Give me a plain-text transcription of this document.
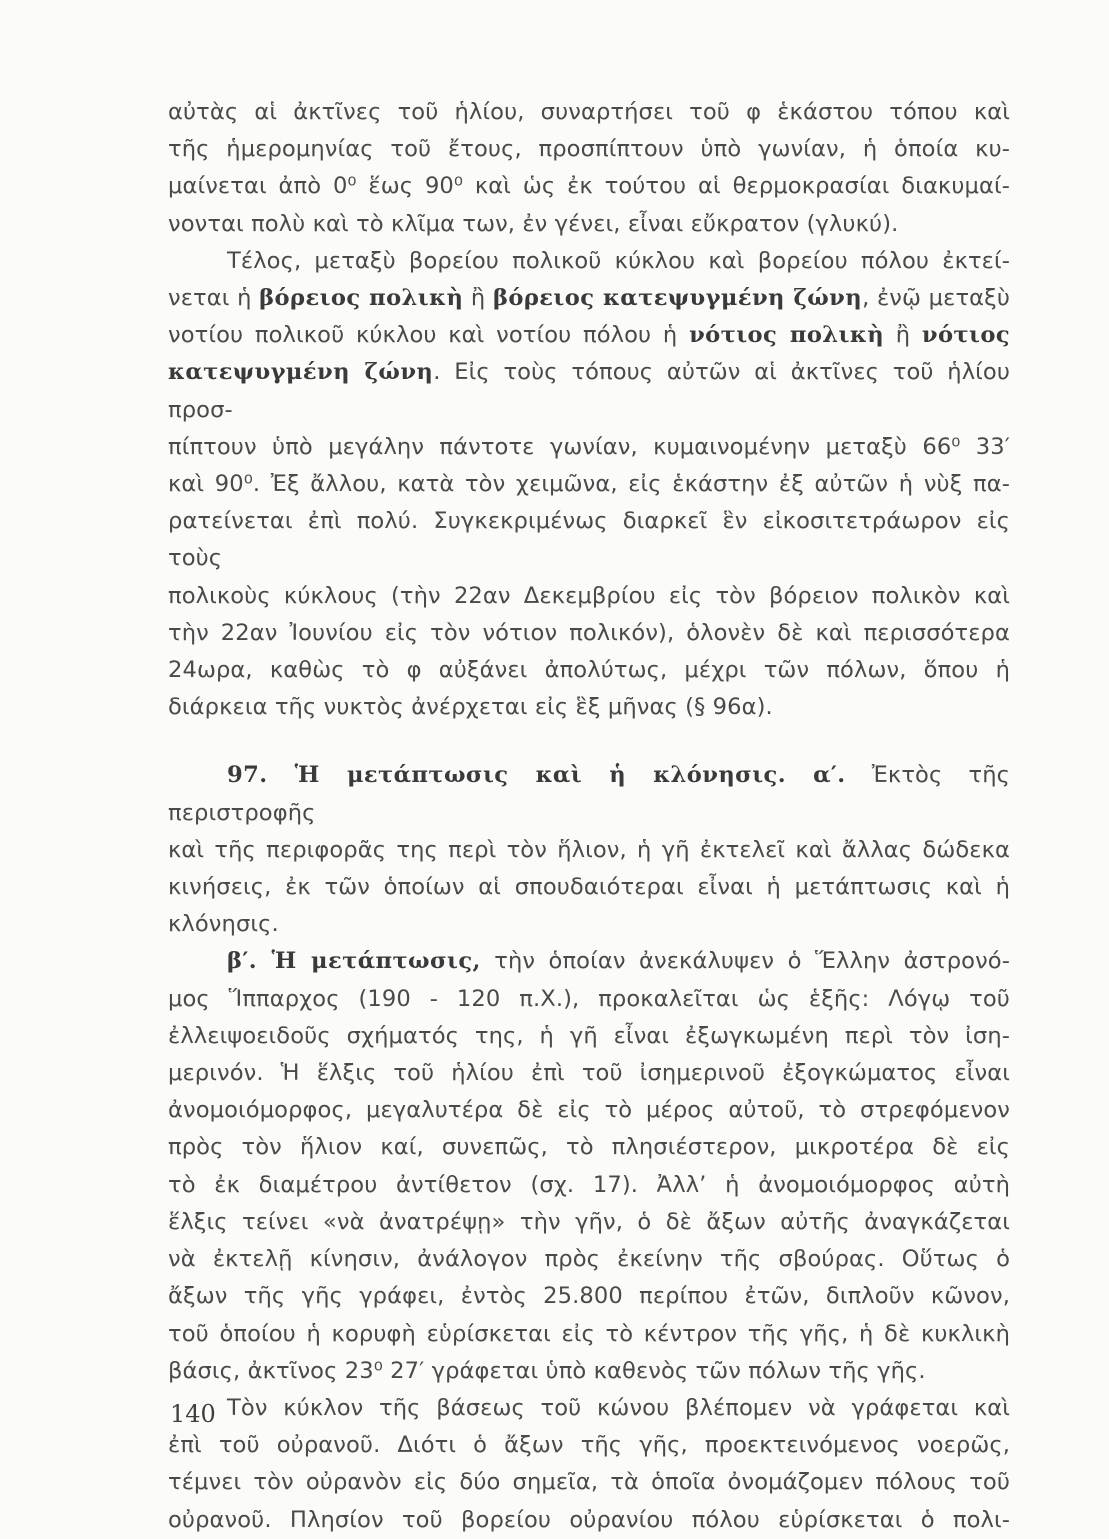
αὐτὰς αἱ ἀκτῖνες τοῦ ἡλίου, συναρτήσει τοῦ φ ἑκάστου τόπου καὶ

τῆς ἡμερομηνίας τοῦ ἔτους, προσπίπτουν ὑπὸ γωνίαν, ἡ ὁποία κυ-

μαίνεται ἀπὸ 0⁰ ἕως 90⁰ καὶ ὡς ἐκ τούτου αἱ θερμοκρασίαι διακυμαί-

νονται πολὺ καὶ τὸ κλῖμα των, ἐν γένει, εἶναι εὔκρατον (γλυκύ).

Τέλος, μεταξὺ βορείου πολικοῦ κύκλου καὶ βορείου πόλου ἐκτεί-

νεται ἡ βόρειος πολικὴ ἢ βόρειος κατεψυγμένη ζώνη, ἐνῷ μεταξὺ

νοτίου πολικοῦ κύκλου καὶ νοτίου πόλου ἡ νότιος πολικὴ ἢ νότιος

κατεψυγμένη ζώνη. Εἰς τοὺς τόπους αὐτῶν αἱ ἀκτῖνες τοῦ ἡλίου προσ-

πίπτουν ὑπὸ μεγάλην πάντοτε γωνίαν, κυμαινομένην μεταξὺ 66⁰ 33′

καὶ 90⁰. Ἐξ ἄλλου, κατὰ τὸν χειμῶνα, εἰς ἑκάστην ἐξ αὐτῶν ἡ νὺξ πα-

ρατείνεται ἐπὶ πολύ. Συγκεκριμένως διαρκεῖ ἓν εἰκοσιτετράωρον εἰς τοὺς

πολικοὺς κύκλους (τὴν 22αν Δεκεμβρίου εἰς τὸν βόρειον πολικὸν καὶ

τὴν 22αν Ἰουνίου εἰς τὸν νότιον πολικόν), ὁλονὲν δὲ καὶ περισσότερα

24ωρα, καθὼς τὸ φ αὐξάνει ἀπολύτως, μέχρι τῶν πόλων, ὅπου ἡ

διάρκεια τῆς νυκτὸς ἀνέρχεται εἰς ἓξ μῆνας (§ 96α).

97. Ἡ μετάπτωσις καὶ ἡ κλόνησις. α′. Ἐκτὸς τῆς περιστροφῆς

καὶ τῆς περιφορᾶς της περὶ τὸν ἥλιον, ἡ γῆ ἐκτελεῖ καὶ ἄλλας δώδεκα

κινήσεις, ἐκ τῶν ὁποίων αἱ σπουδαιότεραι εἶναι ἡ μετάπτωσις καὶ ἡ

κλόνησις.

β′. Ἡ μετάπτωσις, τὴν ὁποίαν ἀνεκάλυψεν ὁ Ἕλλην ἀστρονό-

μος Ἵππαρχος (190 - 120 π.Χ.), προκαλεῖται ὡς ἑξῆς: Λόγῳ τοῦ

ἐλλειψοειδοῦς σχήματός της, ἡ γῆ εἶναι ἐξωγκωμένη περὶ τὸν ἰση-

μερινόν. Ἡ ἕλξις τοῦ ἡλίου ἐπὶ τοῦ ἰσημερινοῦ ἐξογκώματος εἶναι

ἀνομοιόμορφος, μεγαλυτέρα δὲ εἰς τὸ μέρος αὐτοῦ, τὸ στρεφόμενον

πρὸς τὸν ἥλιον καί, συνεπῶς, τὸ πλησιέστερον, μικροτέρα δὲ εἰς

τὸ ἐκ διαμέτρου ἀντίθετον (σχ. 17). Ἀλλ’ ἡ ἀνομοιόμορφος αὐτὴ

ἕλξις τείνει «νὰ ἀνατρέψῃ» τὴν γῆν, ὁ δὲ ἄξων αὐτῆς ἀναγκάζεται

νὰ ἐκτελῇ κίνησιν, ἀνάλογον πρὸς ἐκείνην τῆς σβούρας. Οὕτως ὁ

ἄξων τῆς γῆς γράφει, ἐντὸς 25.800 περίπου ἐτῶν, διπλοῦν κῶνον,

τοῦ ὁποίου ἡ κορυφὴ εὑρίσκεται εἰς τὸ κέντρον τῆς γῆς, ἡ δὲ κυκλικὴ

βάσις, ἀκτῖνος 23⁰ 27′ γράφεται ὑπὸ καθενὸς τῶν πόλων τῆς γῆς.

Τὸν κύκλον τῆς βάσεως τοῦ κώνου βλέπομεν νὰ γράφεται καὶ

ἐπὶ τοῦ οὐρανοῦ. Διότι ὁ ἄξων τῆς γῆς, προεκτεινόμενος νοερῶς,

τέμνει τὸν οὐρανὸν εἰς δύο σημεῖα, τὰ ὁποῖα ὀνομάζομεν πόλους τοῦ

οὐρανοῦ. Πλησίον τοῦ βορείου οὐρανίου πόλου εὑρίσκεται ὁ πολι-

140
